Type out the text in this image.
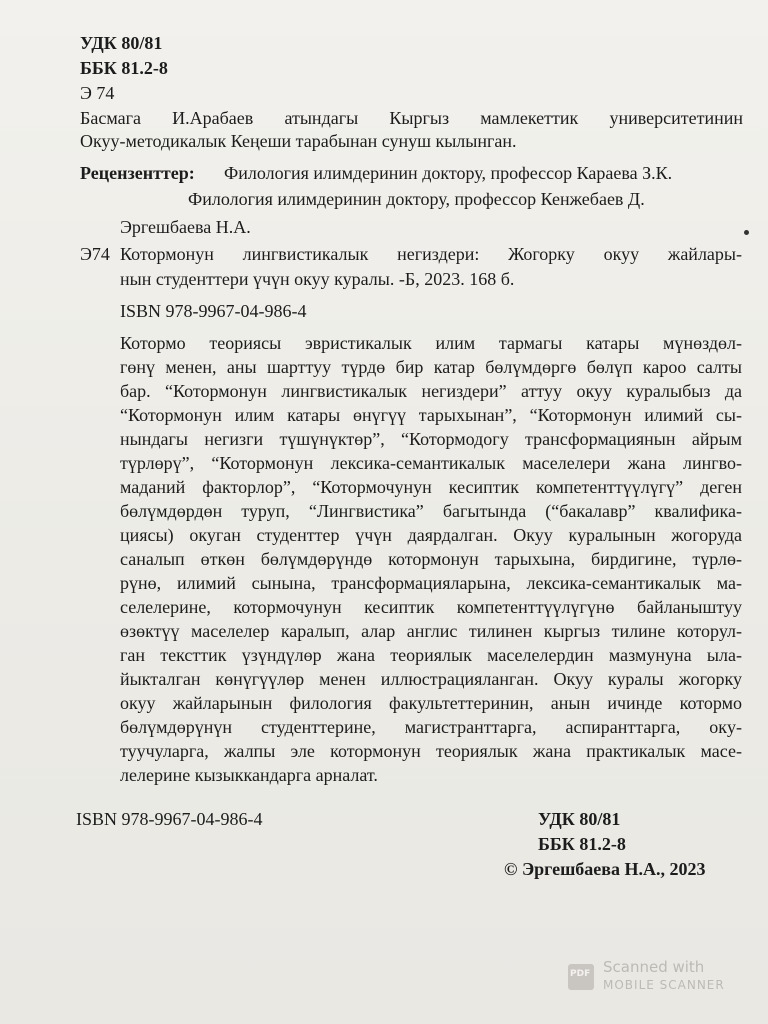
УДК 80/81
ББК 81.2-8
Э 74
Басмага И.Арабаев атындагы Кыргыз мамлекеттик университетинин
Окуу-методикалык Кеңеши тарабынан сунуш кылынган.
Рецензенттер: Филология илимдеринин доктору, профессор Караева З.К.
Филология илимдеринин доктору, профессор Кенжебаев Д.
Эргешбаева Н.А.
Э74 Котормонун лингвистикалык негиздери: Жогорку окуу жайлары-
нын студенттери үчүн окуу куралы. -Б, 2023. 168 б.
ISBN 978-9967-04-986-4
Котормо теориясы эвристикалык илим тармагы катары мүнөздөл-
гөнү менен, аны шарттуу түрдө бир катар бөлүмдөргө бөлүп кароо салты
бар. “Котормонун лингвистикалык негиздери” аттуу окуу куралыбыз да
“Котормонун илим катары өнүгүү тарыхынан”, “Котормонун илимий сы-
нындагы негизги түшүнүктөр”, “Котормодогу трансформациянын айрым
түрлөрү”, “Котормонун лексика-семантикалык маселелери жана лингво-
маданий факторлор”, “Котормочунун кесиптик компетенттүүлүгү” деген
бөлүмдөрдөн туруп, “Лингвистика” багытында (“бакалавр” квалифика-
циясы) окуган студенттер үчүн даярдалган. Окуу куралынын жогоруда
саналып өткөн бөлүмдөрүндө котормонун тарыхына, бирдигине, түрлө-
рүнө, илимий сынына, трансформацияларына, лексика-семантикалык ма-
селелерине, котормочунун кесиптик компетенттүүлүгүнө байланыштуу
өзөктүү маселелер каралып, алар англис тилинен кыргыз тилине которул-
ган тексттик үзүндүлөр жана теориялык маселелердин мазмунуна ыла-
йыкталган көнүгүүлөр менен иллюстрацияланган. Окуу куралы жогорку
окуу жайларынын филология факультеттеринин, анын ичинде котормо
бөлүмдөрүнүн студенттерине, магистранттарга, аспиранттарга, окy-
туучуларга, жалпы эле котормонун теориялык жана практикалык масе-
лелерине кызыккандарга арналат.
ISBN 978-9967-04-986-4	УДК 80/81
ББК 81.2-8
© Эргешбаева Н.А., 2023
PDF Scanned with
MOBILE SCANNER
